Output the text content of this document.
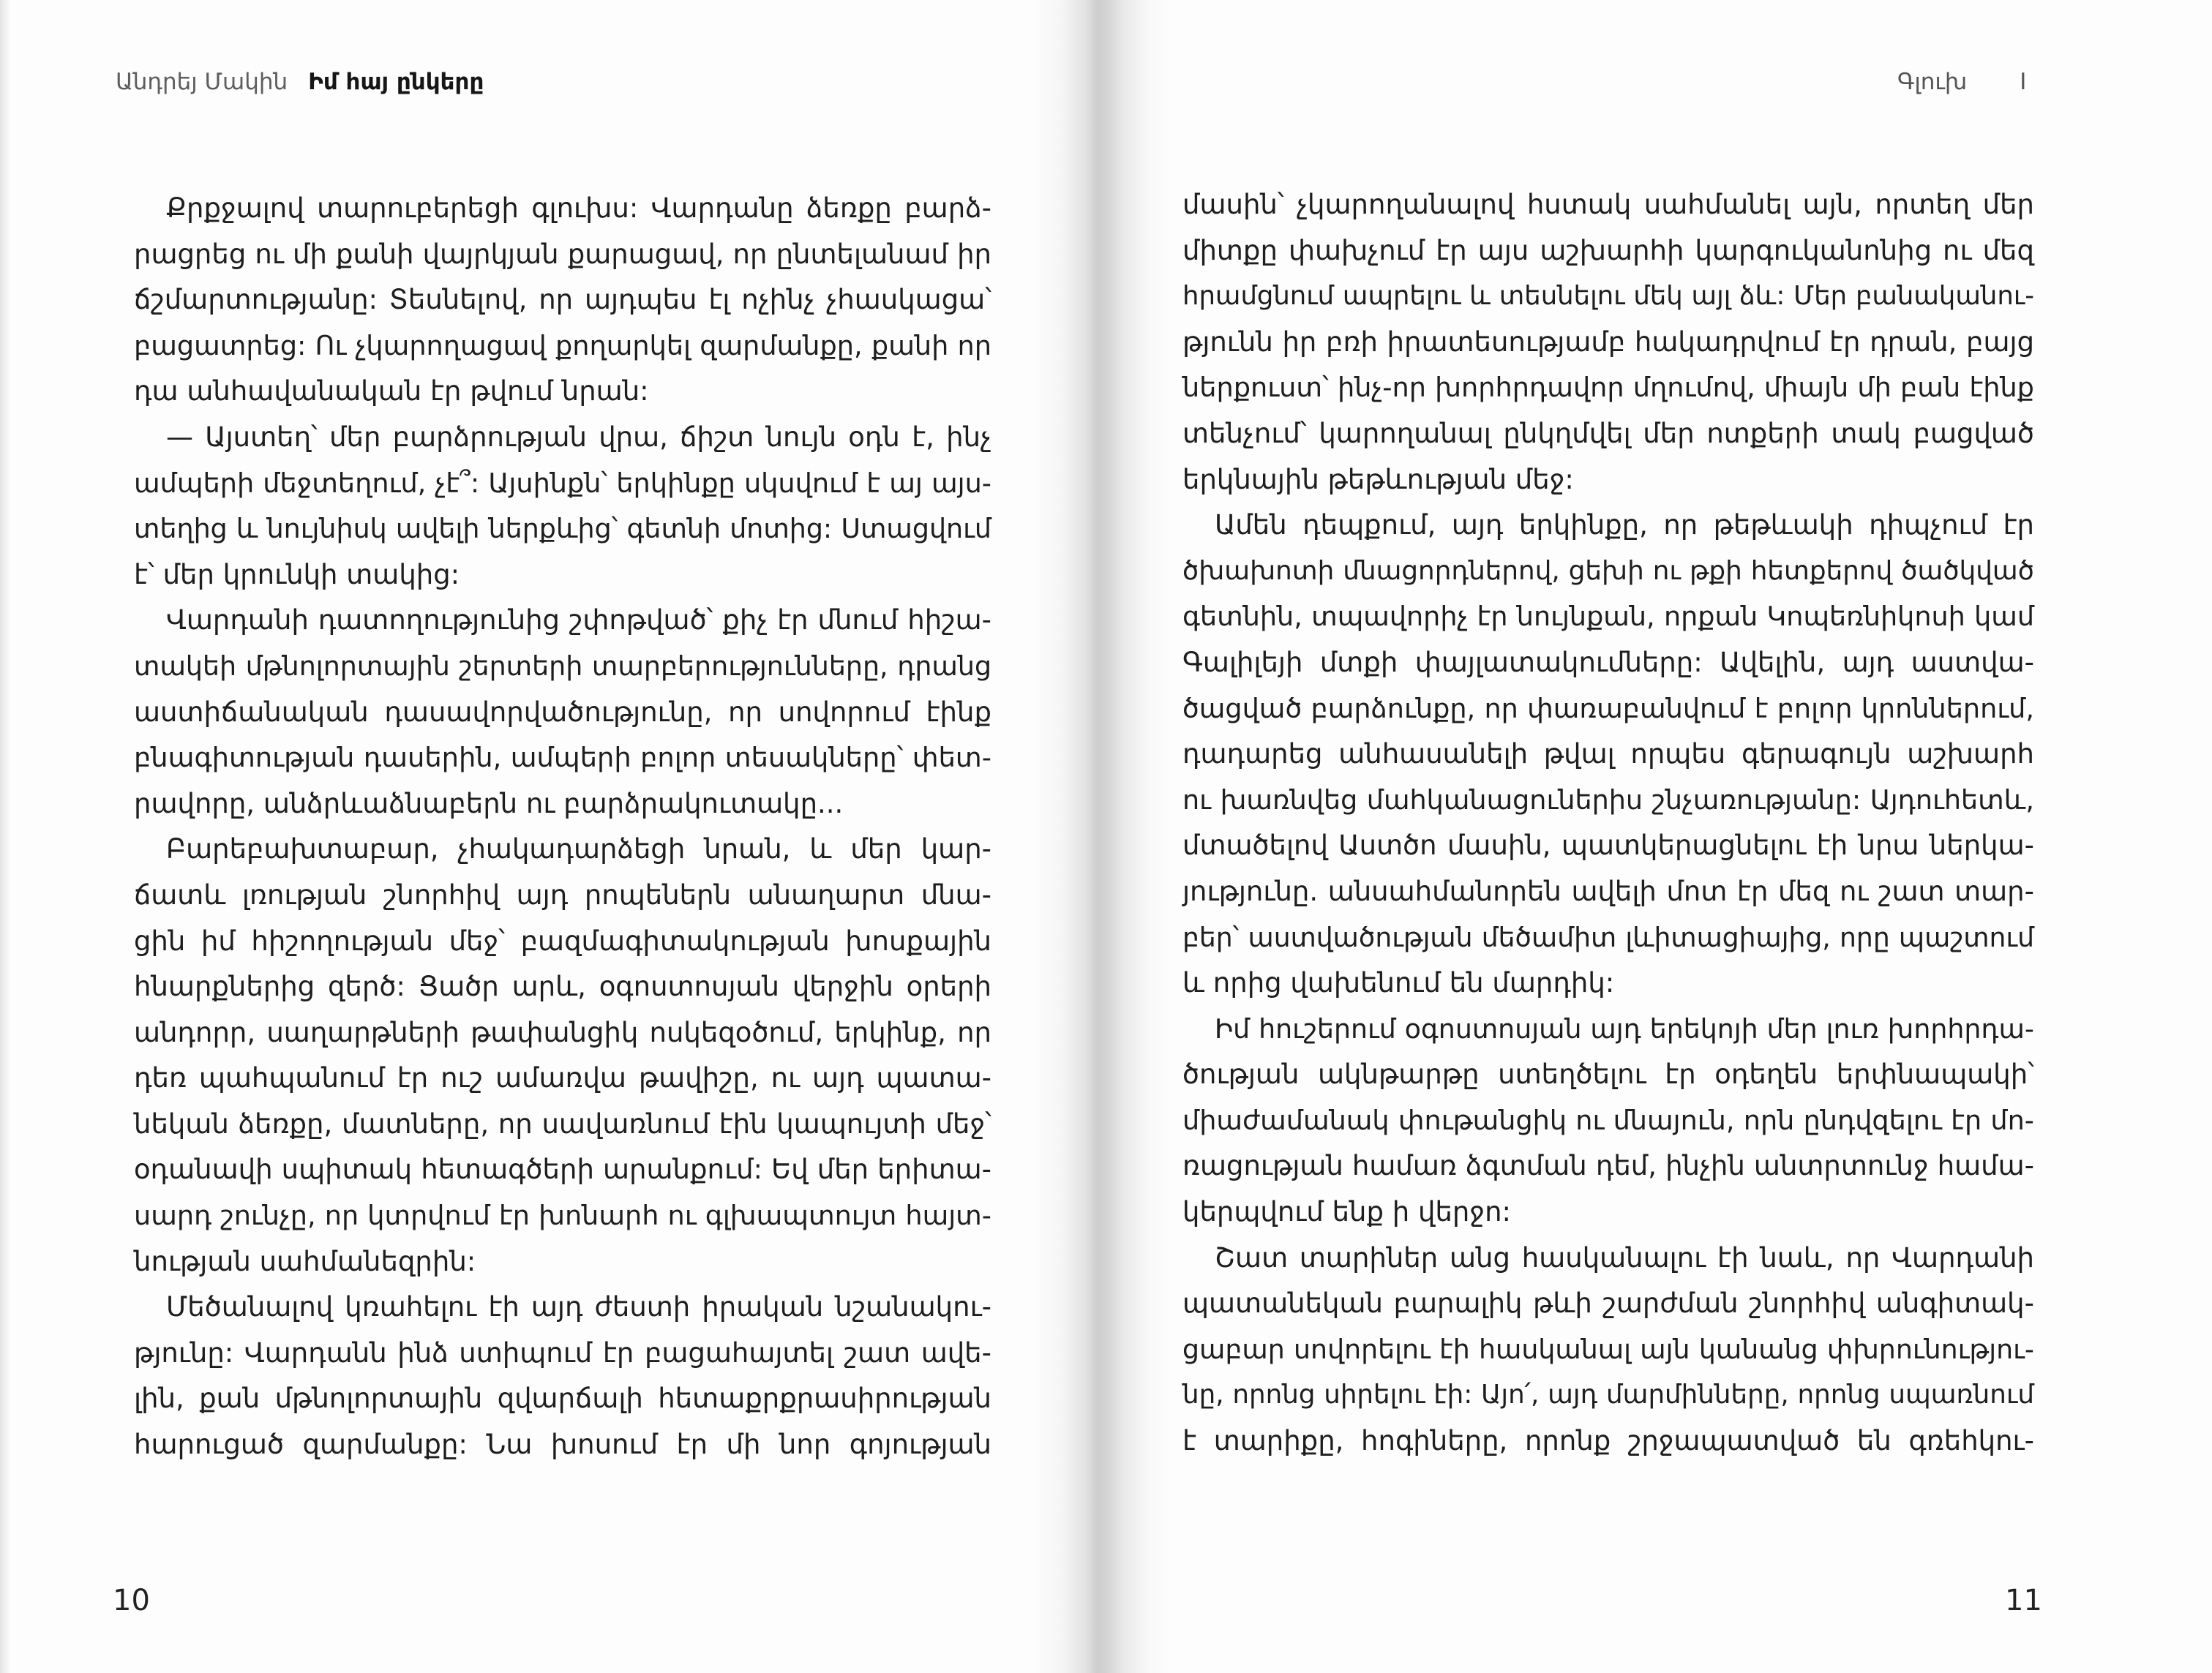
Անդրեյ Մակին Իմ հայ ընկերը
Քրքջալով տարուբերեցի գլուխս: Վարդանը ձեռքը բարձ-
րացրեց ու մի քանի վայրկյան քարացավ, որ ընտելանամ իր
ճշմարտությանը: Տեսնելով, որ այդպես էլ ոչինչ չհասկացա՝
բացատրեց: Ու չկարողացավ քողարկել զարմանքը, քանի որ
դա անհավանական էր թվում նրան:
— Այստեղ՝ մեր բարձրության վրա, ճիշտ նույն օդն է, ինչ
ամպերի մեջտեղում, չէ՞: Այսինքն՝ երկինքը սկսվում է այ այս-
տեղից և նույնիսկ ավելի ներքևից՝ գետնի մոտից: Ստացվում
է՝ մեր կրունկի տակից:
Վարդանի դատողությունից շփոթված՝ քիչ էր մնում հիշա-
տակեի մթնոլորտային շերտերի տարբերությունները, դրանց
աստիճանական դասավորվածությունը, որ սովորում էինք
բնագիտության դասերին, ամպերի բոլոր տեսակները՝ փետ-
րավորը, անձրևաձնաբերն ու բարձրակուտակը...
Բարեբախտաբար, չհակադարձեցի նրան, և մեր կար-
ճատև լռության շնորհիվ այդ րոպեներն անաղարտ մնա-
ցին իմ հիշողության մեջ՝ բազմագիտակության խոսքային
հնարքներից զերծ: Ցածր արև, օգոստոսյան վերջին օրերի
անդորր, սաղարթների թափանցիկ ոսկեզօծում, երկինք, որ
դեռ պահպանում էր ուշ ամառվա թավիշը, ու այդ պատա-
նեկան ձեռքը, մատները, որ սավառնում էին կապույտի մեջ՝
օդանավի սպիտակ հետագծերի արանքում: Եվ մեր երիտա-
սարդ շունչը, որ կտրվում էր խոնարհ ու գլխապտույտ հայտ-
նության սահմանեզրին:
Մեծանալով կռահելու էի այդ ժեստի իրական նշանակու-
թյունը: Վարդանն ինձ ստիպում էր բացահայտել շատ ավե-
լին, քան մթնոլորտային զվարճալի հետաքրքրասիրության
հարուցած զարմանքը: Նա խոսում էր մի նոր գոյության
10
Գլուխ I
մասին՝ չկարողանալով հստակ սահմանել այն, որտեղ մեր
միտքը փախչում էր այս աշխարհի կարգուկանոնից ու մեզ
հրամցնում ապրելու և տեսնելու մեկ այլ ձև: Մեր բանականու-
թյունն իր բռի իրատեսությամբ հակադրվում էր դրան, բայց
ներքուստ՝ ինչ-որ խորհրդավոր մղումով, միայն մի բան էինք
տենչում՝ կարողանալ ընկղմվել մեր ոտքերի տակ բացված
երկնային թեթևության մեջ:
Ամեն դեպքում, այդ երկինքը, որ թեթևակի դիպչում էր
ծխախոտի մնացորդներով, ցեխի ու թքի հետքերով ծածկված
գետնին, տպավորիչ էր նույնքան, որքան Կոպեռնիկոսի կամ
Գալիլեյի մտքի փայլատակումները: Ավելին, այդ աստվա-
ծացված բարձունքը, որ փառաբանվում է բոլոր կրոններում,
դադարեց անհասանելի թվալ որպես գերագույն աշխարհ
ու խառնվեց մահկանացուներիս շնչառությանը: Այդուհետև,
մտածելով Աստծո մասին, պատկերացնելու էի նրա ներկա-
յությունը. անսահմանորեն ավելի մոտ էր մեզ ու շատ տար-
բեր՝ աստվածության մեծամիտ լևիտացիայից, որը պաշտում
և որից վախենում են մարդիկ:
Իմ հուշերում օգոստոսյան այդ երեկոյի մեր լուռ խորհրդա-
ծության ակնթարթը ստեղծելու էր օդեղեն երփնապակի՝
միաժամանակ փութանցիկ ու մնայուն, որն ընդվզելու էր մո-
ռացության համառ ձգտման դեմ, ինչին անտրտունջ համա-
կերպվում ենք ի վերջո:
Շատ տարիներ անց հասկանալու էի նաև, որ Վարդանի
պատանեկան բարալիկ թևի շարժման շնորհիվ անգիտակ-
ցաբար սովորելու էի հասկանալ այն կանանց փխրունությու-
նը, որոնց սիրելու էի: Այո՛, այդ մարմինները, որոնց սպառնում
է տարիքը, հոգիները, որոնք շրջապատված են գռեհկու-
11
